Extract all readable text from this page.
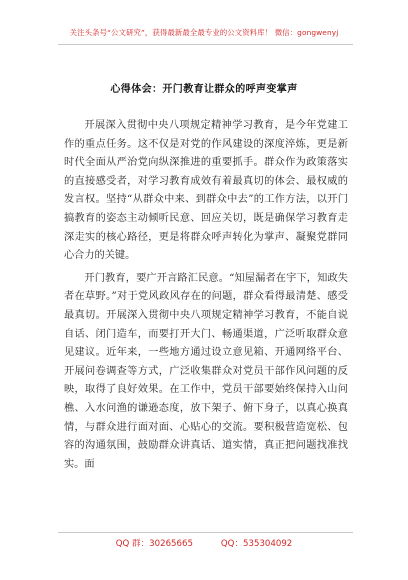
关注头条号“公文研究”，获得最新最全最专业的公文资料库！ 微信：gongwenyj
心得体会：开门教育让群众的呼声变掌声

开展深入贯彻中央八项规定精神学习教育，是今年党建工作的重点任务。这不仅是对党的作风建设的深度淬炼，更是新时代全面从严治党向纵深推进的重要抓手。群众作为政策落实的直接感受者，对学习教育成效有着最真切的体会、最权威的发言权。坚持“从群众中来、到群众中去”的工作方法，以开门搞教育的姿态主动倾听民意、回应关切，既是确保学习教育走深走实的核心路径，更是将群众呼声转化为掌声、凝聚党群同心合力的关键。

开门教育，要广开言路汇民意。“知屋漏者在宇下，知政失者在草野。”对于党风政风存在的问题，群众看得最清楚、感受最真切。开展深入贯彻中央八项规定精神学习教育，不能自说自话、闭门造车，而要打开大门、畅通渠道，广泛听取群众意见建议。近年来，一些地方通过设立意见箱、开通网络平台、开展问卷调查等方式，广泛收集群众对党员干部作风问题的反映，取得了良好效果。在工作中，党员干部要始终保持入山问樵、入水问渔的谦逊态度，放下架子、俯下身子，以真心换真情，与群众进行面对面、心贴心的交流。要积极营造宽松、包容的沟通氛围，鼓励群众讲真话、道实情，真正把问题找准找实。面

QQ 群：30265665	QQ：535304092
